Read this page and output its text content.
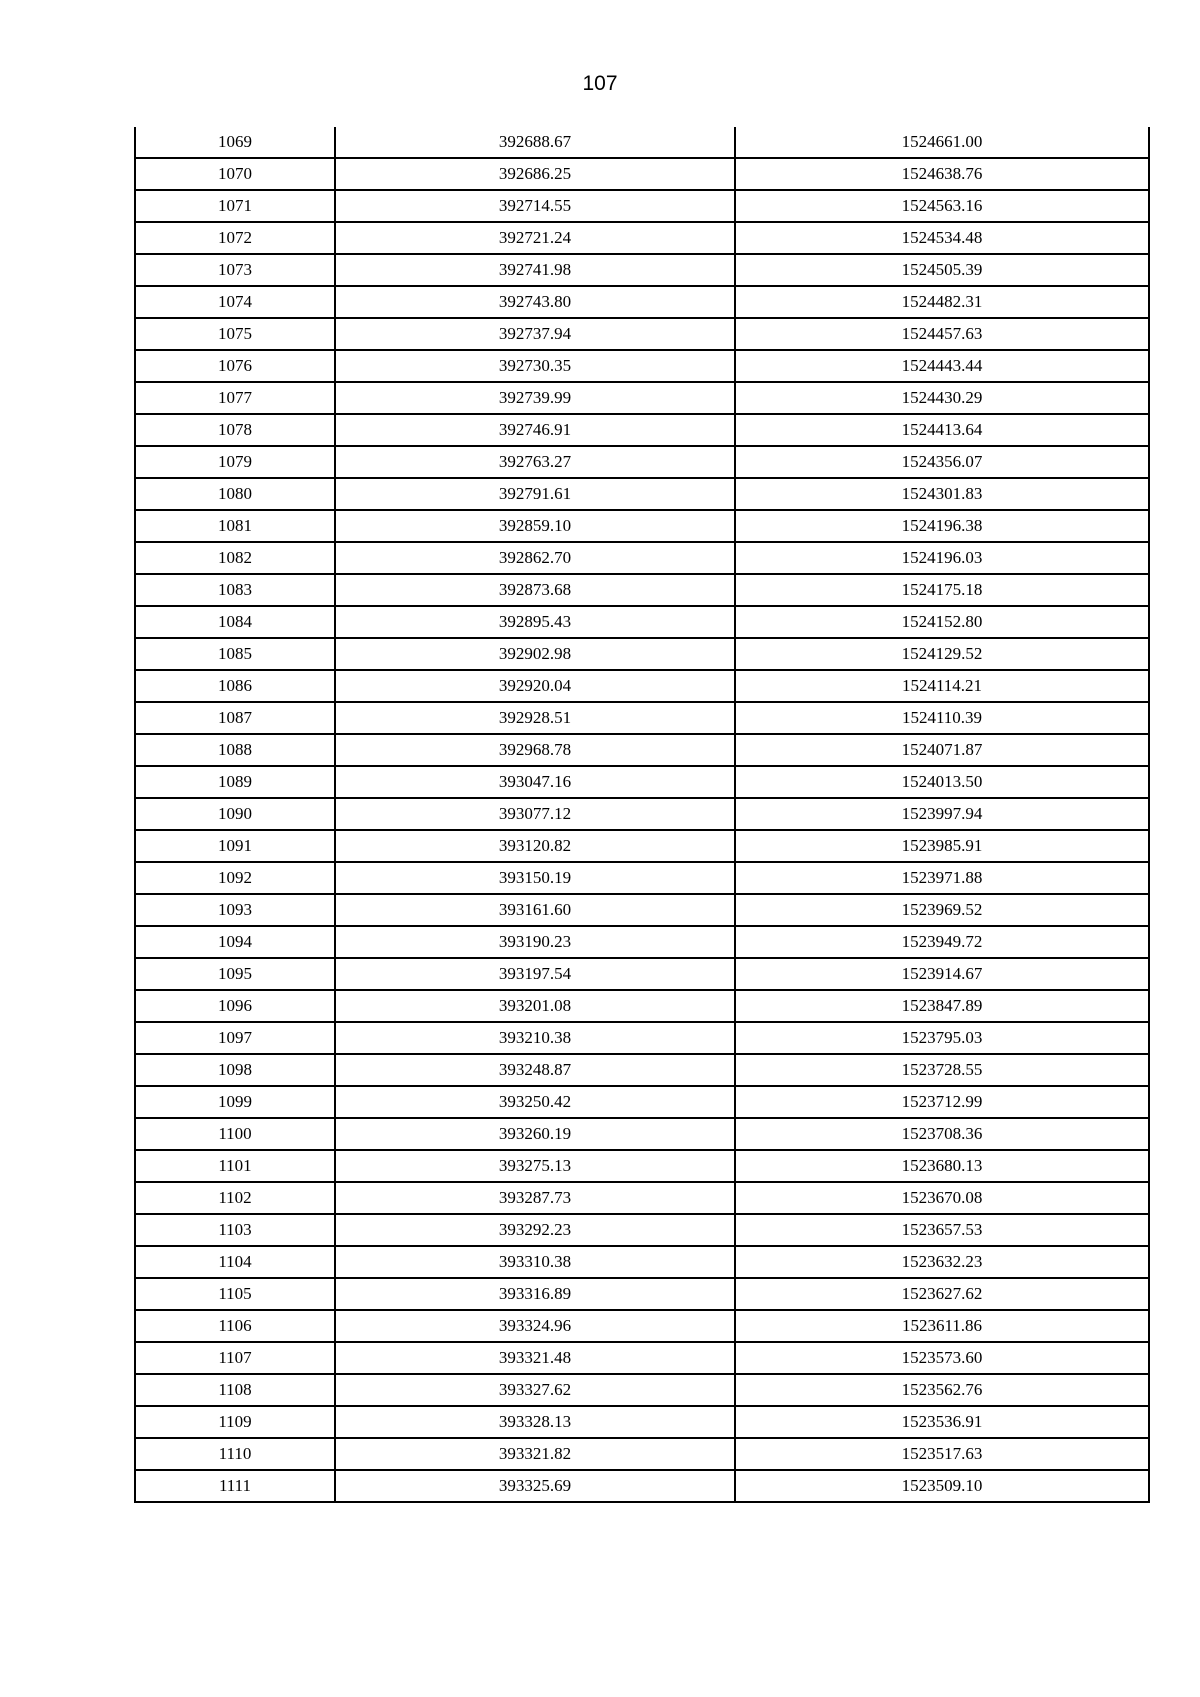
107
1069	392688.67	1524661.00
1070	392686.25	1524638.76
1071	392714.55	1524563.16
1072	392721.24	1524534.48
1073	392741.98	1524505.39
1074	392743.80	1524482.31
1075	392737.94	1524457.63
1076	392730.35	1524443.44
1077	392739.99	1524430.29
1078	392746.91	1524413.64
1079	392763.27	1524356.07
1080	392791.61	1524301.83
1081	392859.10	1524196.38
1082	392862.70	1524196.03
1083	392873.68	1524175.18
1084	392895.43	1524152.80
1085	392902.98	1524129.52
1086	392920.04	1524114.21
1087	392928.51	1524110.39
1088	392968.78	1524071.87
1089	393047.16	1524013.50
1090	393077.12	1523997.94
1091	393120.82	1523985.91
1092	393150.19	1523971.88
1093	393161.60	1523969.52
1094	393190.23	1523949.72
1095	393197.54	1523914.67
1096	393201.08	1523847.89
1097	393210.38	1523795.03
1098	393248.87	1523728.55
1099	393250.42	1523712.99
1100	393260.19	1523708.36
1101	393275.13	1523680.13
1102	393287.73	1523670.08
1103	393292.23	1523657.53
1104	393310.38	1523632.23
1105	393316.89	1523627.62
1106	393324.96	1523611.86
1107	393321.48	1523573.60
1108	393327.62	1523562.76
1109	393328.13	1523536.91
1110	393321.82	1523517.63
1111	393325.69	1523509.10
